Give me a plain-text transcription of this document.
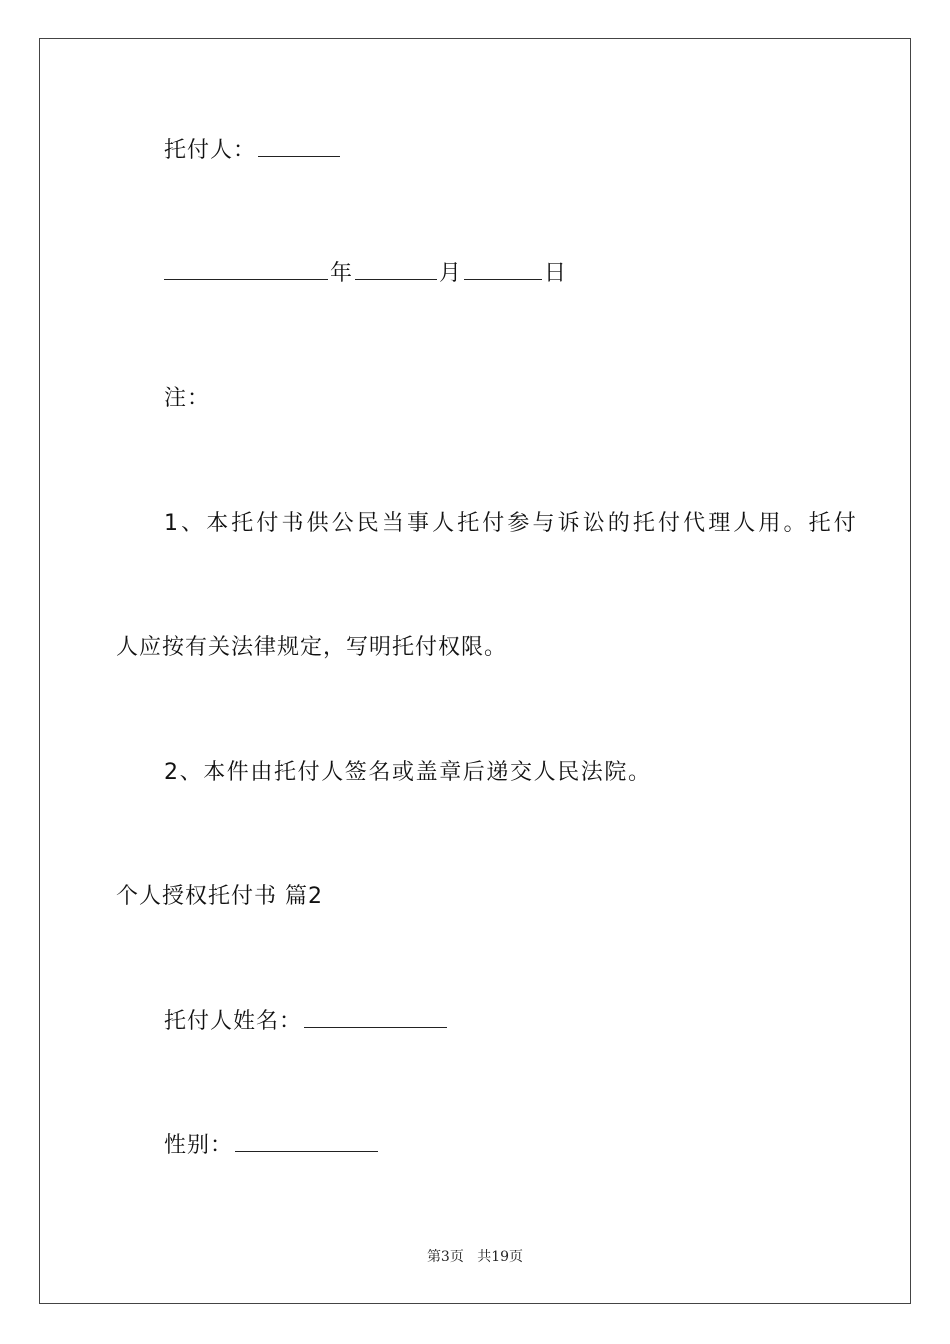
托付人：
年	月	日
注：
1、本托付书供公民当事人托付参与诉讼的托付代理人用。托付
人应按有关法律规定，写明托付权限。
2、本件由托付人签名或盖章后递交人民法院。
个人授权托付书 篇2
托付人姓名：
性别：
第3页 共19页
